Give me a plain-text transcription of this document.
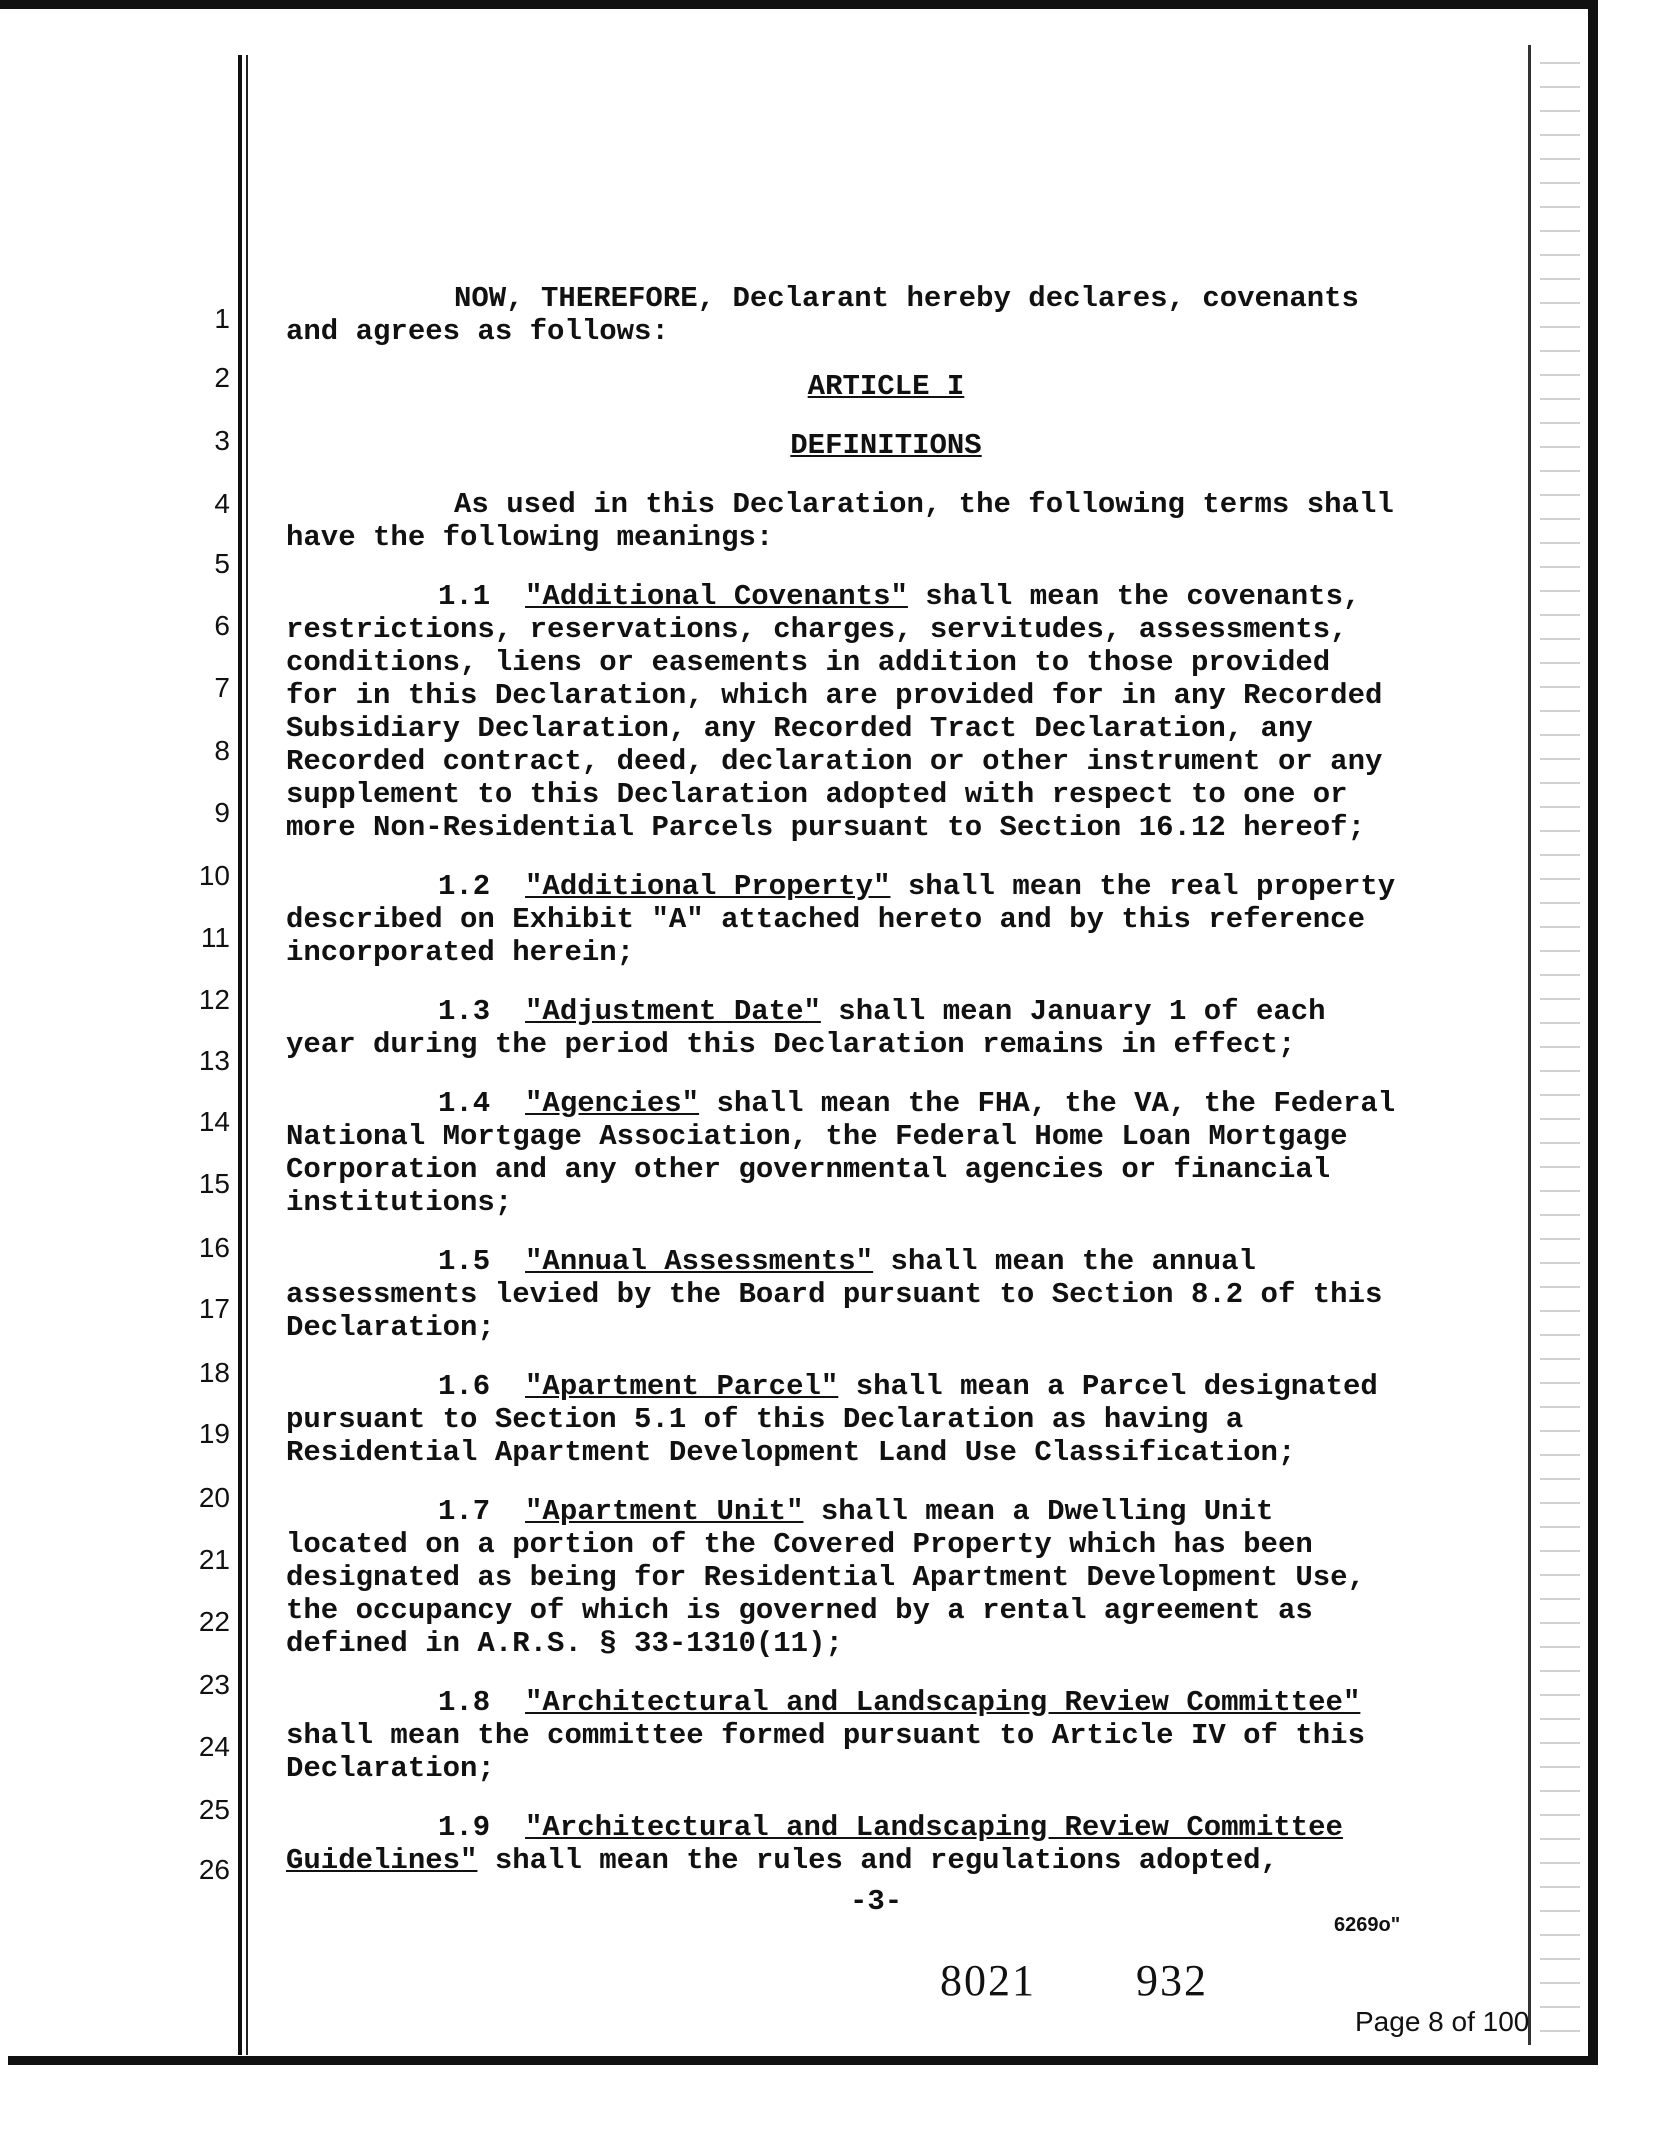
1
2
3
4
5
6
7
8
9
10
11
12
13
14
15
16
17
18
19
20
21
22
23
24
25
26

NOW, THEREFORE, Declarant hereby declares, covenants

and agrees as follows:

ARTICLE I
DEFINITIONS

As used in this Declaration, the following terms shall

have the following meanings:

1.1 "Additional Covenants" shall mean the covenants,

restrictions, reservations, charges, servitudes, assessments,

conditions, liens or easements in addition to those provided

for in this Declaration, which are provided for in any Recorded

Subsidiary Declaration, any Recorded Tract Declaration, any

Recorded contract, deed, declaration or other instrument or any

supplement to this Declaration adopted with respect to one or

more Non-Residential Parcels pursuant to Section 16.12 hereof;

1.2 "Additional Property" shall mean the real property

described on Exhibit "A" attached hereto and by this reference

incorporated herein;

1.3 "Adjustment Date" shall mean January 1 of each

year during the period this Declaration remains in effect;

1.4 "Agencies" shall mean the FHA, the VA, the Federal

National Mortgage Association, the Federal Home Loan Mortgage

Corporation and any other governmental agencies or financial

institutions;

1.5 "Annual Assessments" shall mean the annual

assessments levied by the Board pursuant to Section 8.2 of this

Declaration;

1.6 "Apartment Parcel" shall mean a Parcel designated

pursuant to Section 5.1 of this Declaration as having a

Residential Apartment Development Land Use Classification;

1.7 "Apartment Unit" shall mean a Dwelling Unit

located on a portion of the Covered Property which has been

designated as being for Residential Apartment Development Use,

the occupancy of which is governed by a rental agreement as

defined in A.R.S. § 33-1310(11);

1.8 "Architectural and Landscaping Review Committee"

shall mean the committee formed pursuant to Article IV of this

Declaration;

1.9 "Architectural and Landscaping Review Committee

Guidelines" shall mean the rules and regulations adopted,

-3-
6269o"
8021 932
Page 8 of 100
